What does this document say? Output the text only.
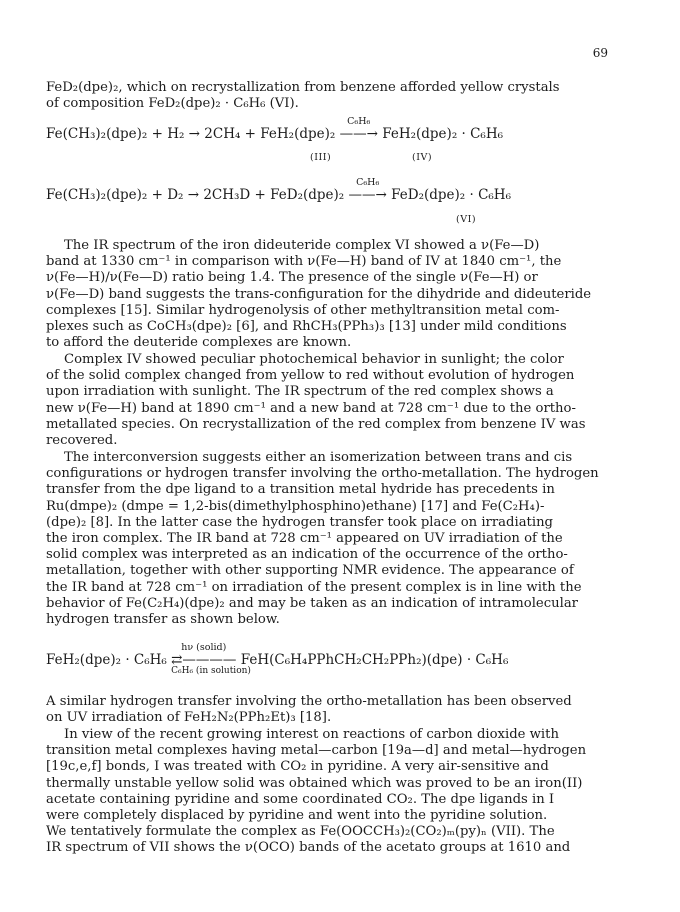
69
FeD₂(dpe)₂, which on recrystallization from benzene afforded yellow crystals
of composition FeD₂(dpe)₂ · C₆H₆ (VI).
Fe(CH₃)₂(dpe)₂ + H₂ → 2CH₄ + FeH₂(dpe)₂
C₆H₆
——→ FeH₂(dpe)₂ · C₆H₆
(III)	(IV)
Fe(CH₃)₂(dpe)₂ + D₂ → 2CH₃D + FeD₂(dpe)₂
C₆H₆
——→ FeD₂(dpe)₂ · C₆H₆
(VI)
The IR spectrum of the iron dideuteride complex VI showed a ν(Fe—D)
band at 1330 cm⁻¹ in comparison with ν(Fe—H) band of IV at 1840 cm⁻¹, the
ν(Fe—H)/ν(Fe—D) ratio being 1.4. The presence of the single ν(Fe—H) or
ν(Fe—D) band suggests the trans-configuration for the dihydride and dideuteride
complexes [15]. Similar hydrogenolysis of other methyltransition metal com-
plexes such as CoCH₃(dpe)₂ [6], and RhCH₃(PPh₃)₃ [13] under mild conditions
to afford the deuteride complexes are known.
Complex IV showed peculiar photochemical behavior in sunlight; the color
of the solid complex changed from yellow to red without evolution of hydrogen
upon irradiation with sunlight. The IR spectrum of the red complex shows a
new ν(Fe—H) band at 1890 cm⁻¹ and a new band at 728 cm⁻¹ due to the ortho-
metallated species. On recrystallization of the red complex from benzene IV was
recovered.
The interconversion suggests either an isomerization between trans and cis
configurations or hydrogen transfer involving the ortho-metallation. The hydrogen
transfer from the dpe ligand to a transition metal hydride has precedents in
Ru(dmpe)₂ (dmpe = 1,2-bis(dimethylphosphino)ethane) [17] and Fe(C₂H₄)-
(dpe)₂ [8]. In the latter case the hydrogen transfer took place on irradiating
the iron complex. The IR band at 728 cm⁻¹ appeared on UV irradiation of the
solid complex was interpreted as an indication of the occurrence of the ortho-
metallation, together with other supporting NMR evidence. The appearance of
the IR band at 728 cm⁻¹ on irradiation of the present complex is in line with the
behavior of Fe(C₂H₄)(dpe)₂ and may be taken as an indication of intramolecular
hydrogen transfer as shown below.
FeH₂(dpe)₂ · C₆H₆
hν (solid)
⇄————
C₆H₆ (in solution)
FeH(C₆H₄PPhCH₂CH₂PPh₂)(dpe) · C₆H₆
A similar hydrogen transfer involving the ortho-metallation has been observed
on UV irradiation of FeH₂N₂(PPh₂Et)₃ [18].
In view of the recent growing interest on reactions of carbon dioxide with
transition metal complexes having metal—carbon [19a—d] and metal—hydrogen
[19c,e,f] bonds, I was treated with CO₂ in pyridine. A very air-sensitive and
thermally unstable yellow solid was obtained which was proved to be an iron(II)
acetate containing pyridine and some coordinated CO₂. The dpe ligands in I
were completely displaced by pyridine and went into the pyridine solution.
We tentatively formulate the complex as Fe(OOCCH₃)₂(CO₂)ₘ(py)ₙ (VII). The
IR spectrum of VII shows the ν(OCO) bands of the acetato groups at 1610 and
